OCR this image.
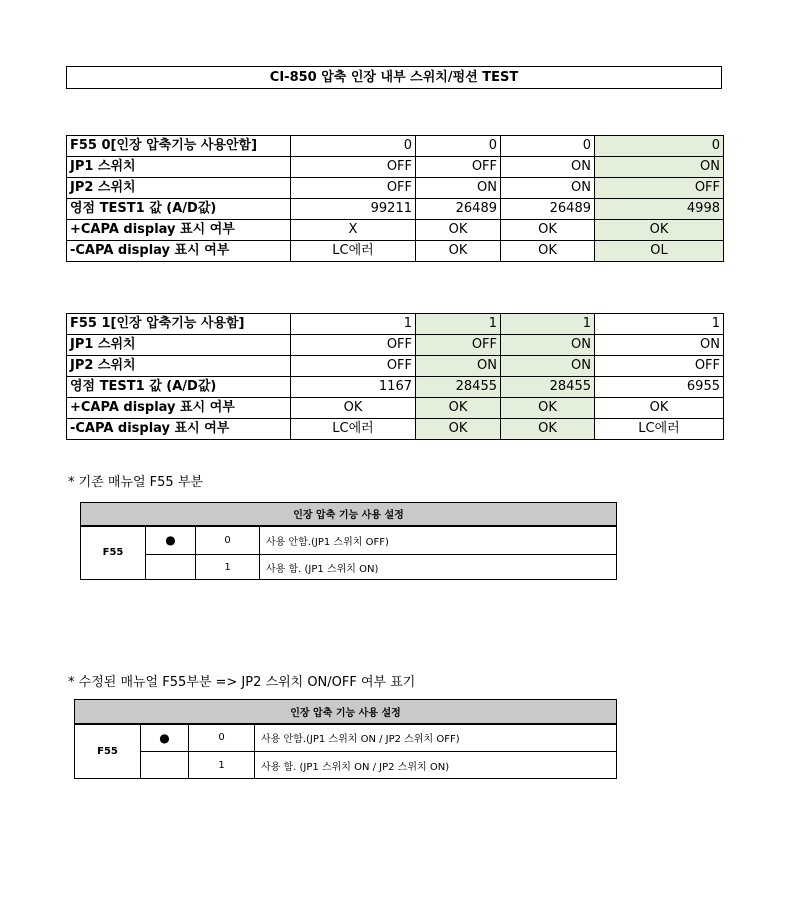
CI-850 압축 인장 내부 스위치/펑션 TEST
F55 0[인장 압축기능 사용안함]	0	0	0	0
JP1 스위치	OFF	OFF	ON	ON
JP2 스위치	OFF	ON	ON	OFF
영점 TEST1 값 (A/D값)	99211	26489	26489	4998
+CAPA display 표시 여부	X	OK	OK	OK
-CAPA display 표시 여부	LC에러	OK	OK	OL
F55 1[인장 압축기능 사용함]	1	1	1	1
JP1 스위치	OFF	OFF	ON	ON
JP2 스위치	OFF	ON	ON	OFF
영점 TEST1 값 (A/D값)	1167	28455	28455	6955
+CAPA display 표시 여부	OK	OK	OK	OK
-CAPA display 표시 여부	LC에러	OK	OK	LC에러
* 기존 매뉴얼 F55 부분
인장 압축 기능 사용 설정			
F55	●	0	사용 안함.(JP1 스위치 OFF)
		1	사용 함. (JP1 스위치 ON)
* 수정된 매뉴얼 F55부분 => JP2 스위치 ON/OFF 여부 표기
인장 압축 기능 사용 설정			
F55	●	0	사용 안함.(JP1 스위치 ON / JP2 스위치 OFF)
		1	사용 함. (JP1 스위치 ON / JP2 스위치 ON)
